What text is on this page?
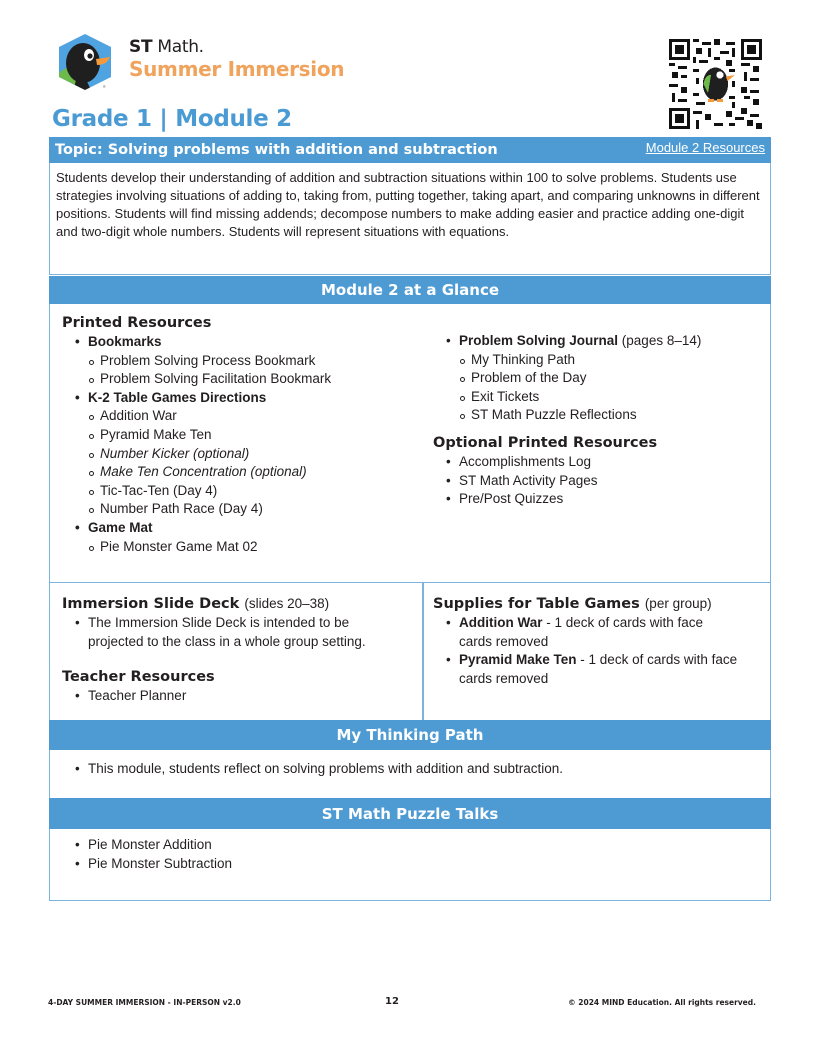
®
ST Math.
Summer Immersion
Grade 1 | Module 2
Topic: Solving problems with addition and subtraction	Module 2 Resources
Students develop their understanding of addition and subtraction situations within 100 to solve problems. Students use strategies involving situations of adding to, taking from, putting together, taking apart, and comparing unknowns in different positions. Students will find missing addends; decompose numbers to make adding easier and practice adding one-digit and two-digit whole numbers. Students will represent situations with equations.
Module 2 at a Glance
Printed Resources
• Bookmarks
Problem Solving Process Bookmark
Problem Solving Facilitation Bookmark
• K-2 Table Games Directions
Addition War
Pyramid Make Ten
Number Kicker (optional)
Make Ten Concentration (optional)
Tic-Tac-Ten (Day 4)
Number Path Race (Day 4)
• Game Mat
Pie Monster Game Mat 02
• Problem Solving Journal (pages 8–14)
My Thinking Path
Problem of the Day
Exit Tickets
ST Math Puzzle Reflections
Optional Printed Resources
• Accomplishments Log
• ST Math Activity Pages
• Pre/Post Quizzes
Immersion Slide Deck (slides 20–38)
• The Immersion Slide Deck is intended to be projected to the class in a whole group setting.
Teacher Resources
• Teacher Planner
Supplies for Table Games (per group)
• Addition War - 1 deck of cards with face cards removed
• Pyramid Make Ten - 1 deck of cards with face cards removed
My Thinking Path
• This module, students reflect on solving problems with addition and subtraction.
ST Math Puzzle Talks
• Pie Monster Addition
• Pie Monster Subtraction
4-DAY SUMMER IMMERSION - IN-PERSON v2.0	12	© 2024 MIND Education. All rights reserved.
